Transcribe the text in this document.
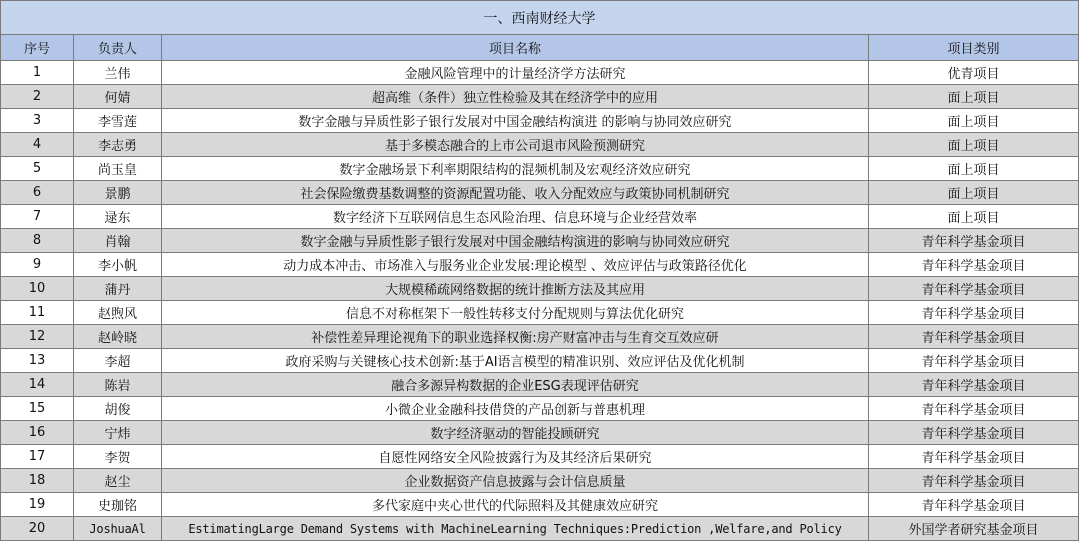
一、西南财经大学			
序号	负责人	项目名称	项目类别
1	兰伟	金融风险管理中的计量经济学方法研究	优青项目
2	何婧	超高维（条件）独立性检验及其在经济学中的应用	面上项目
3	李雪莲	数字金融与异质性影子银行发展对中国金融结构演进 的影响与协同效应研究	面上项目
4	李志勇	基于多模态融合的上市公司退市风险预测研究	面上项目
5	尚玉皇	数字金融场景下利率期限结构的混频机制及宏观经济效应研究	面上项目
6	景鹏	社会保险缴费基数调整的资源配置功能、收入分配效应与政策协同机制研究	面上项目
7	逯东	数字经济下互联网信息生态风险治理、信息环境与企业经营效率	面上项目
8	肖翰	数字金融与异质性影子银行发展对中国金融结构演进的影响与协同效应研究	青年科学基金项目
9	李小帆	动力成本冲击、市场准入与服务业企业发展:理论模型 、效应评估与政策路径优化	青年科学基金项目
10	蒲丹	大规模稀疏网络数据的统计推断方法及其应用	青年科学基金项目
11	赵煦风	信息不对称框架下一般性转移支付分配规则与算法优化研究	青年科学基金项目
12	赵岭晓	补偿性差异理论视角下的职业选择权衡:房产财富冲击与生育交互效应研	青年科学基金项目
13	李超	政府采购与关键核心技术创新:基于AI语言模型的精准识别、效应评估及优化机制	青年科学基金项目
14	陈岩	融合多源异构数据的企业ESG表现评估研究	青年科学基金项目
15	胡俊	小微企业金融科技借贷的产品创新与普惠机理	青年科学基金项目
16	宁炜	数字经济驱动的智能投顾研究	青年科学基金项目
17	李贺	自愿性网络安全风险披露行为及其经济后果研究	青年科学基金项目
18	赵尘	企业数据资产信息披露与会计信息质量	青年科学基金项目
19	史珈铭	多代家庭中夹心世代的代际照料及其健康效应研究	青年科学基金项目
20	JoshuaAl	EstimatingLarge Demand Systems with MachineLearning Techniques:Prediction ,Welfare,and Policy	外国学者研究基金项目
